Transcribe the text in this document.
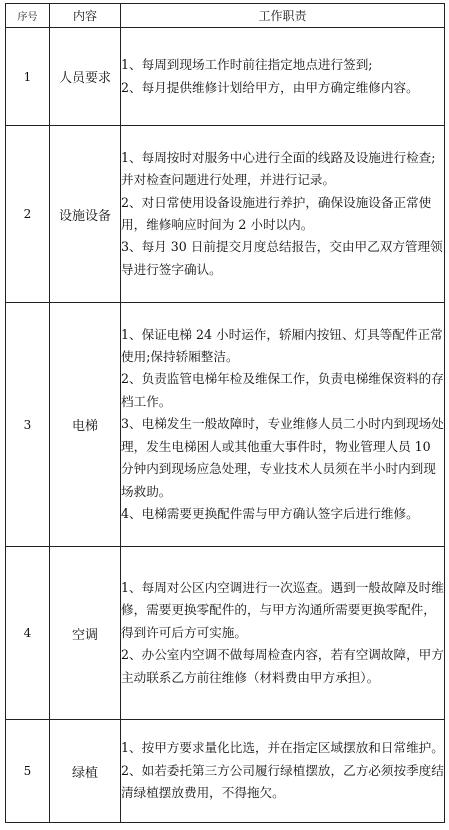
序号	内容	工作职责
1	人员要求	1、每周到现场工作时前往指定地点进行签到;

2、每月提供维修计划给甲方，由甲方确定维修内容。

2	设施设备	1、每周按时对服务中心进行全面的线路及设施进行检查;并对检查问题进行处理，并进行记录。

2、对日常使用设备设施进行养护，确保设施设备正常使用，维修响应时间为 2 小时以内。

3、每月 30 日前提交月度总结报告，交由甲乙双方管理领导进行签字确认。

3	电梯	1、保证电梯 24 小时运作，轿厢内按钮、灯具等配件正常使用;保持轿厢整洁。

2、负责监管电梯年检及维保工作，负责电梯维保资料的存档工作。

3、电梯发生一般故障时，专业维修人员二小时内到现场处理，发生电梯困人或其他重大事件时，物业管理人员 10 分钟内到现场应急处理，专业技术人员须在半小时内到现场救助。

4、电梯需要更换配件需与甲方确认签字后进行维修。

4	空调	1、每周对公区内空调进行一次巡查。遇到一般故障及时维修，需要更换零配件的，与甲方沟通所需要更换零配件，得到许可后方可实施。

2、办公室内空调不做每周检查内容，若有空调故障，甲方主动联系乙方前往维修（材料费由甲方承担）。

5	绿植	1、按甲方要求量化比选，并在指定区域摆放和日常维护。

2、如若委托第三方公司履行绿植摆放，乙方必须按季度结清绿植摆放费用，不得拖欠。
